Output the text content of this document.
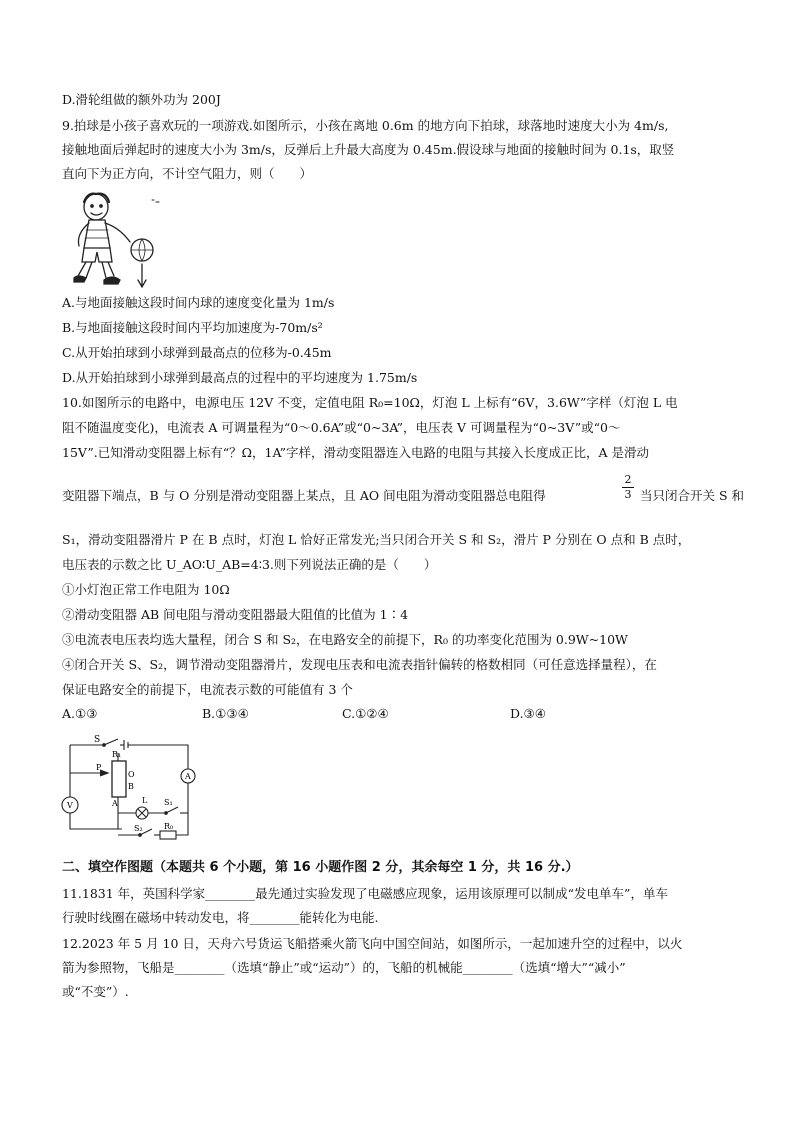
D.滑轮组做的额外功为 200J
9.拍球是小孩子喜欢玩的一项游戏.如图所示，小孩在离地 0.6m 的地方向下拍球，球落地时速度大小为 4m/s,
接触地面后弹起时的速度大小为 3m/s，反弹后上升最大高度为 0.45m.假设球与地面的接触时间为 0.1s，取竖
直向下为正方向，不计空气阻力，则（　　）
A.与地面接触这段时间内球的速度变化量为 1m/s
B.与地面接触这段时间内平均加速度为-70m/s²
C.从开始拍球到小球弹到最高点的位移为-0.45m
D.从开始拍球到小球弹到最高点的过程中的平均速度为 1.75m/s
10.如图所示的电路中，电源电压 12V 不变，定值电阻 R₀=10Ω，灯泡 L 上标有“6V，3.6W”字样（灯泡 L 电
阻不随温度变化)，电流表 A 可调量程为“0～0.6A”或“0~3A”，电压表 V 可调量程为“0~3V”或“0～
15V”.已知滑动变阻器上标有“？Ω，1A”字样，滑动变阻器连入电路的电阻与其接入长度成正比，A 是滑动
变阻器下端点，B 与 O 分别是滑动变阻器上某点，且 AO 间电阻为滑动变阻器总电阻得
2
3 当只闭合开关 S 和
S₁，滑动变阻器滑片 P 在 B 点时，灯泡 L 恰好正常发光;当只闭合开关 S 和 S₂，滑片 P 分别在 O 点和 B 点时，
电压表的示数之比 U_AO∶U_AB=4∶3.则下列说法正确的是（　　）
①小灯泡正常工作电阻为 10Ω
②滑动变阻器 AB 间电阻与滑动变阻器最大阻值的比值为 1∶4
③电流表电压表均选大量程，闭合 S 和 S₂，在电路安全的前提下，R₀ 的功率变化范围为 0.9W~10W
④闭合开关 S、S₂，调节滑动变阻器滑片，发现电压表和电流表指针偏转的格数相同（可任意选择量程），在
保证电路安全的前提下，电流表示数的可能值有 3 个
A.①③	B.①③④	C.①②④	D.③④
S
R₁
P
O
B
A	L S₁
S₂	R₀
A
V
二、填空作图题（本题共 6 个小题，第 16 小题作图 2 分，其余每空 1 分，共 16 分.）
11.1831 年，英国科学家________最先通过实验发现了电磁感应现象，运用该原理可以制成“发电单车”，单车
行驶时线圈在磁场中转动发电，将________能转化为电能.
12.2023 年 5 月 10 日，天舟六号货运飞船搭乘火箭飞向中国空间站，如图所示，一起加速升空的过程中，以火
箭为参照物，飞船是________（选填“静止”或“运动”）的，飞船的机械能________（选填“增大”“减小”
或“不变”）.
